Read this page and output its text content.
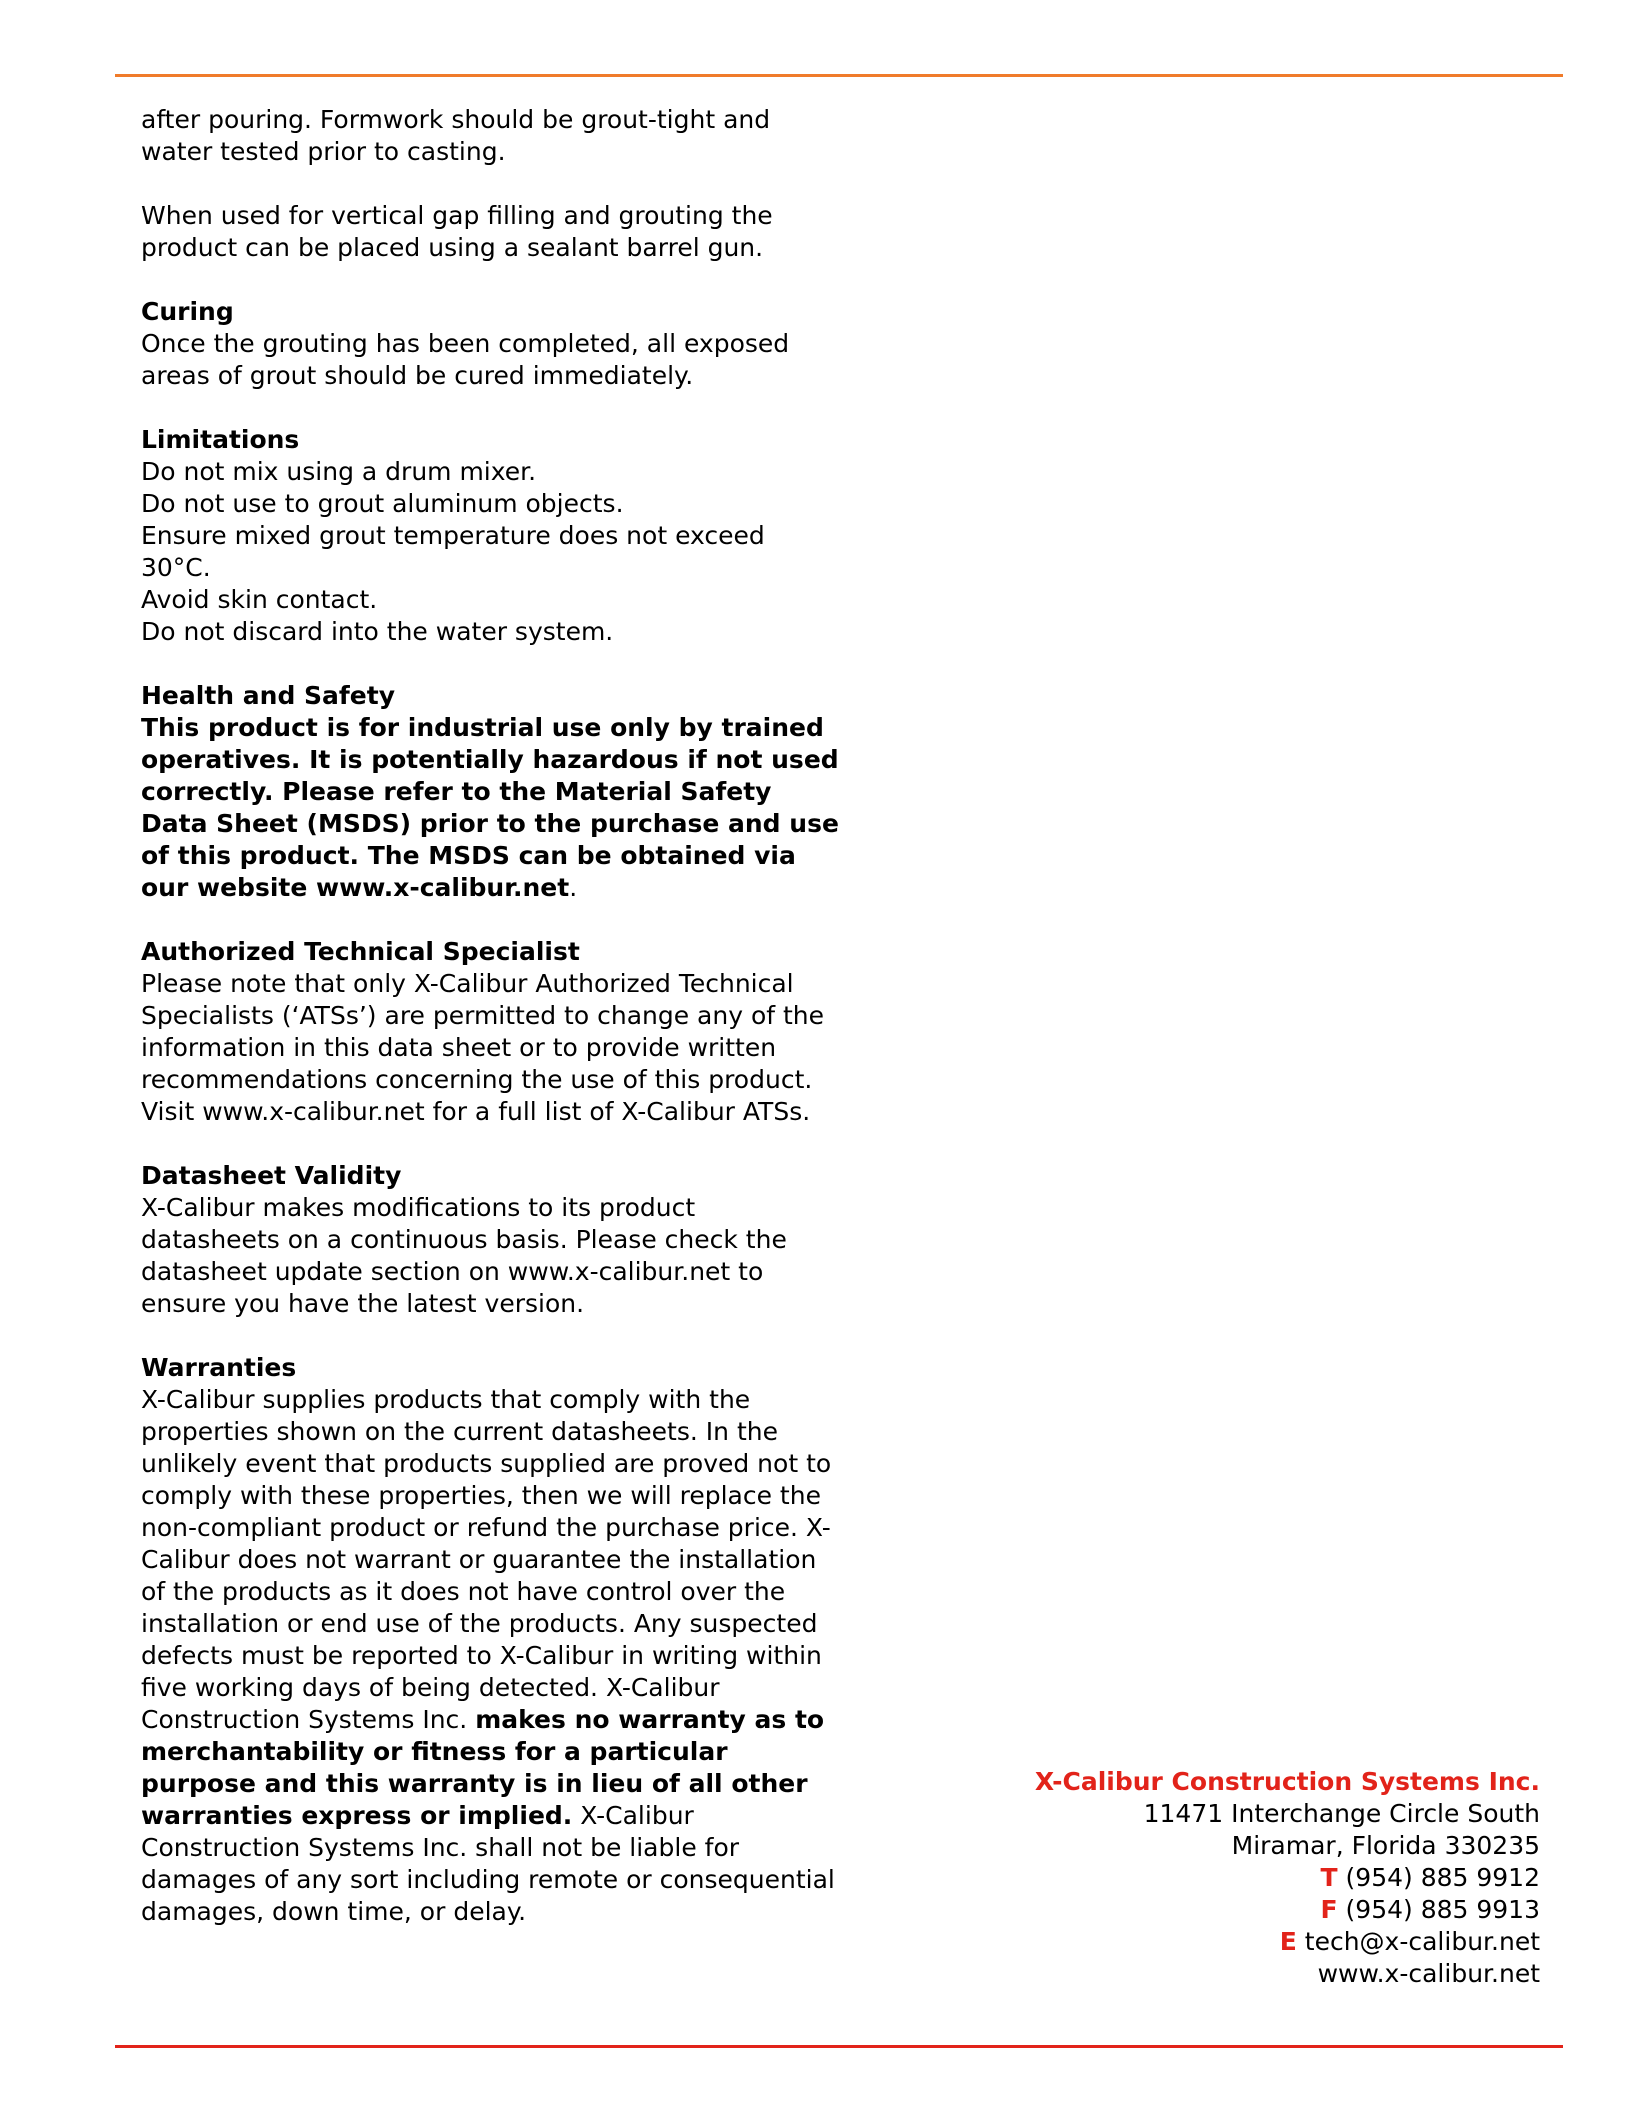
after pouring. Formwork should be grout-tight and water tested prior to casting.

When used for vertical gap filling and grouting the product can be placed using a sealant barrel gun.

Curing
Once the grouting has been completed, all exposed areas of grout should be cured immediately.

Limitations
Do not mix using a drum mixer.
Do not use to grout aluminum objects.
Ensure mixed grout temperature does not exceed 30°C.
Avoid skin contact.
Do not discard into the water system.

Health and Safety
This product is for industrial use only by trained operatives. It is potentially hazardous if not used correctly. Please refer to the Material Safety Data Sheet (MSDS) prior to the purchase and use of this product. The MSDS can be obtained via our website www.x-calibur.net.

Authorized Technical Specialist
Please note that only X-Calibur Authorized Technical Specialists (‘ATSs’) are permitted to change any of the information in this data sheet or to provide written recommendations concerning the use of this product. Visit www.x-calibur.net for a full list of X-Calibur ATSs.

Datasheet Validity
X-Calibur makes modifications to its product datasheets on a continuous basis. Please check the datasheet update section on www.x-calibur.net to ensure you have the latest version.

Warranties
X-Calibur supplies products that comply with the properties shown on the current datasheets. In the unlikely event that products supplied are proved not to comply with these properties, then we will replace the non-compliant product or refund the purchase price. X-Calibur does not warrant or guarantee the installation of the products as it does not have control over the installation or end use of the products. Any suspected defects must be reported to X-Calibur in writing within five working days of being detected. X-Calibur Construction Systems Inc. makes no warranty as to merchantability or fitness for a particular purpose and this warranty is in lieu of all other warranties express or implied. X-Calibur Construction Systems Inc. shall not be liable for damages of any sort including remote or consequential damages, down time, or delay.

X-Calibur Construction Systems Inc.
11471 Interchange Circle South
Miramar, Florida 330235
T (954) 885 9912
F (954) 885 9913
E tech@x-calibur.net
www.x-calibur.net
